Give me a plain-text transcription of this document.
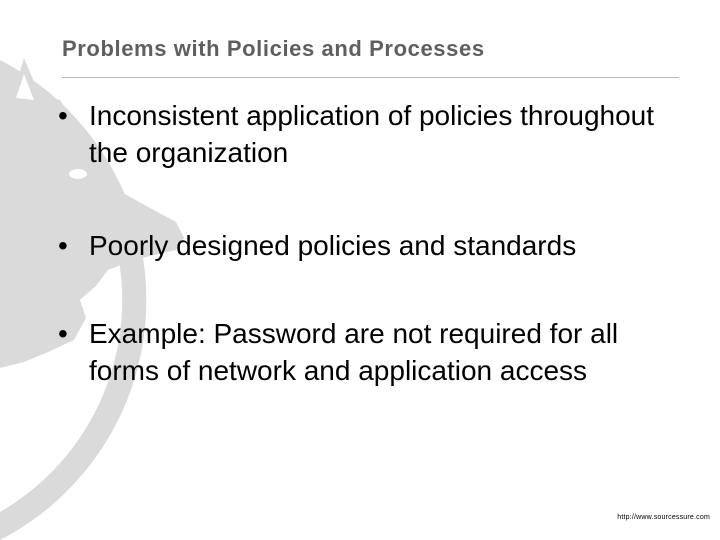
Problems with Policies and Processes
• Inconsistent application of policies throughout the organization
• Poorly designed policies and standards
• Example: Password are not required for all forms of network and application access
http://www.sourcessure.com
